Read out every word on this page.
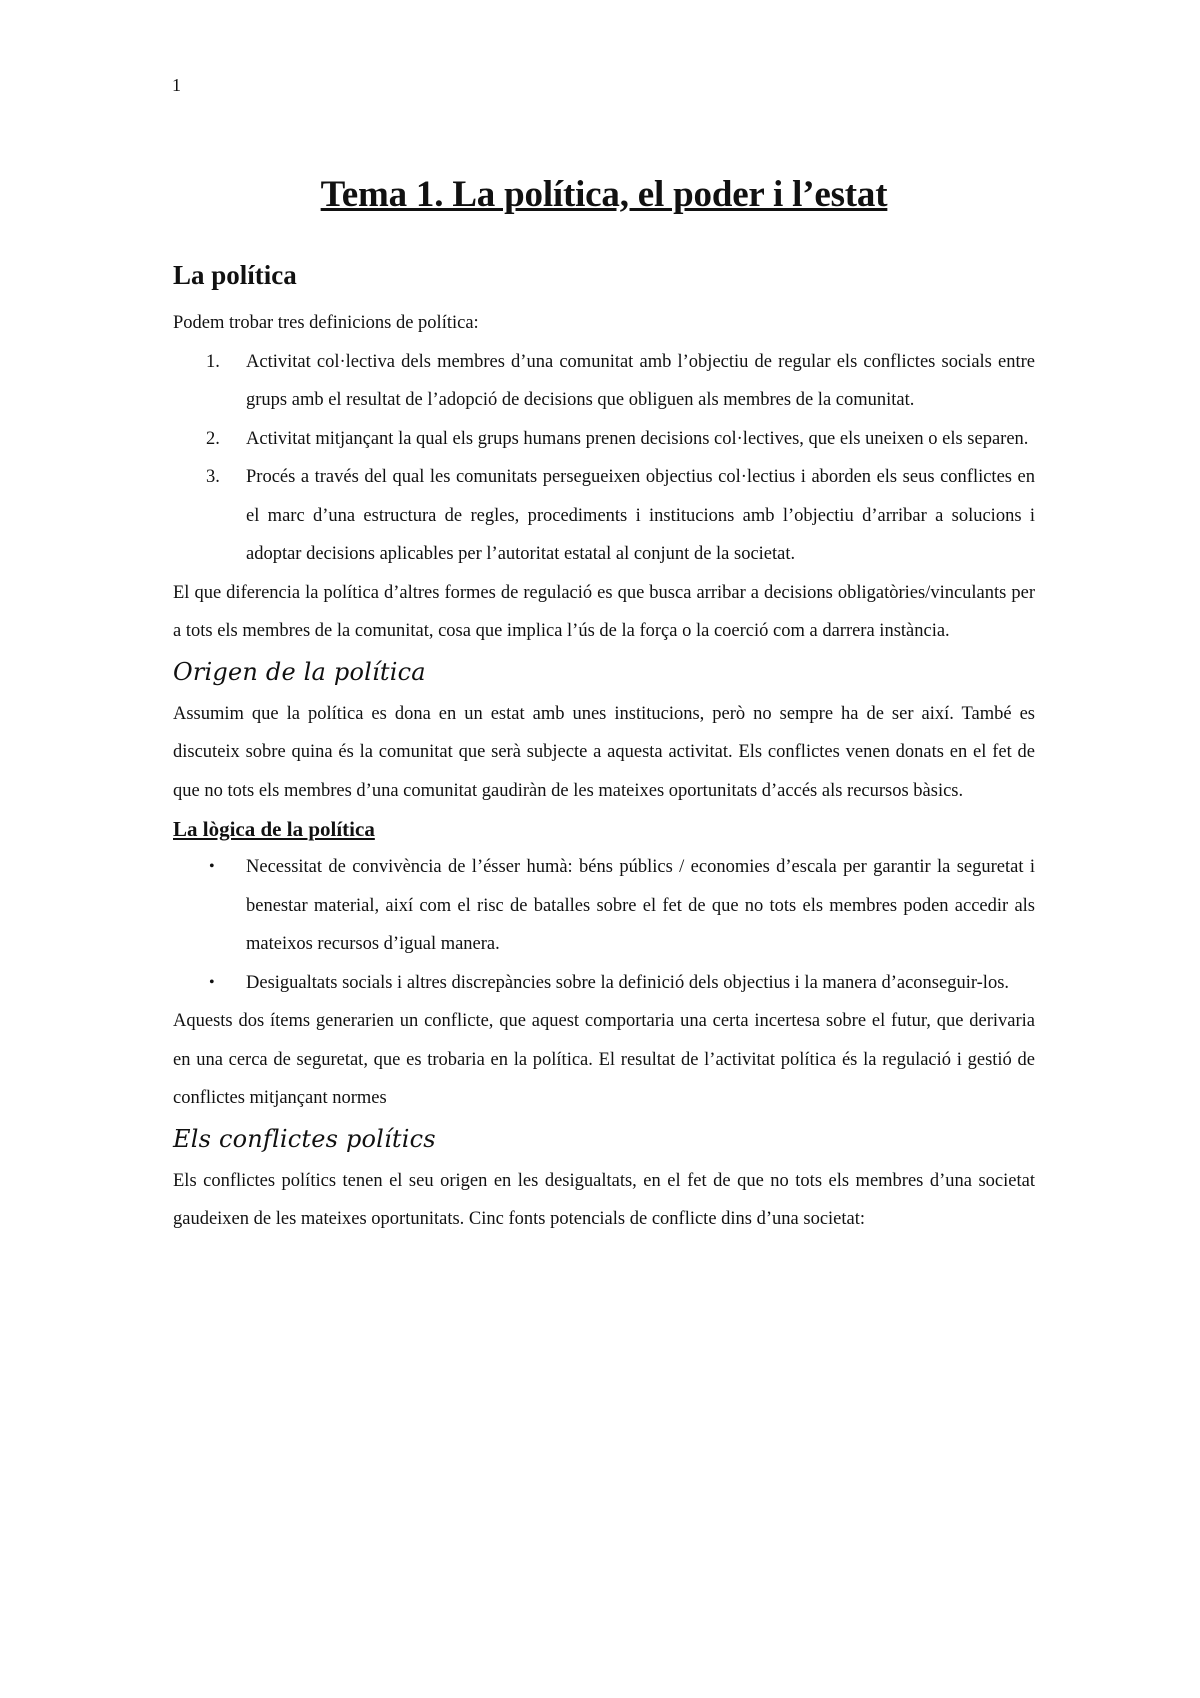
1
Tema 1. La política, el poder i l’estat
La política

Podem trobar tres definicions de política:

1.	Activitat col·lectiva dels membres d’una comunitat amb l’objectiu de regular els conflictes socials entre grups amb el resultat de l’adopció de decisions que obliguen als membres de la comunitat.
2.	Activitat mitjançant la qual els grups humans prenen decisions col·lectives, que els uneixen o els separen.
3.	Procés a través del qual les comunitats persegueixen objectius col·lectius i aborden els seus conflictes en el marc d’una estructura de regles, procediments i institucions amb l’objectiu d’arribar a solucions i adoptar decisions aplicables per l’autoritat estatal al conjunt de la societat.

El que diferencia la política d’altres formes de regulació es que busca arribar a decisions obligatòries/vinculants per a tots els membres de la comunitat, cosa que implica l’ús de la força o la coerció com a darrera instància.

Origen de la política

Assumim que la política es dona en un estat amb unes institucions, però no sempre ha de ser així. També es discuteix sobre quina és la comunitat que serà subjecte a aquesta activitat. Els conflictes venen donats en el fet de que no tots els membres d’una comunitat gaudiràn de les mateixes oportunitats d’accés als recursos bàsics.

La lògica de la política
• Necessitat de convivència de l’ésser humà: béns públics / economies d’escala per garantir la seguretat i benestar material, així com el risc de batalles sobre el fet de que no tots els membres poden accedir als mateixos recursos d’igual manera.
• Desigualtats socials i altres discrepàncies sobre la definició dels objectius i la manera d’aconseguir-los.

Aquests dos ítems generarien un conflicte, que aquest comportaria una certa incertesa sobre el futur, que derivaria en una cerca de seguretat, que es trobaria en la política. El resultat de l’activitat política és la regulació i gestió de conflictes mitjançant normes

Els conflictes polítics

Els conflictes polítics tenen el seu origen en les desigualtats, en el fet de que no tots els membres d’una societat gaudeixen de les mateixes oportunitats. Cinc fonts potencials de conflicte dins d’una societat:
